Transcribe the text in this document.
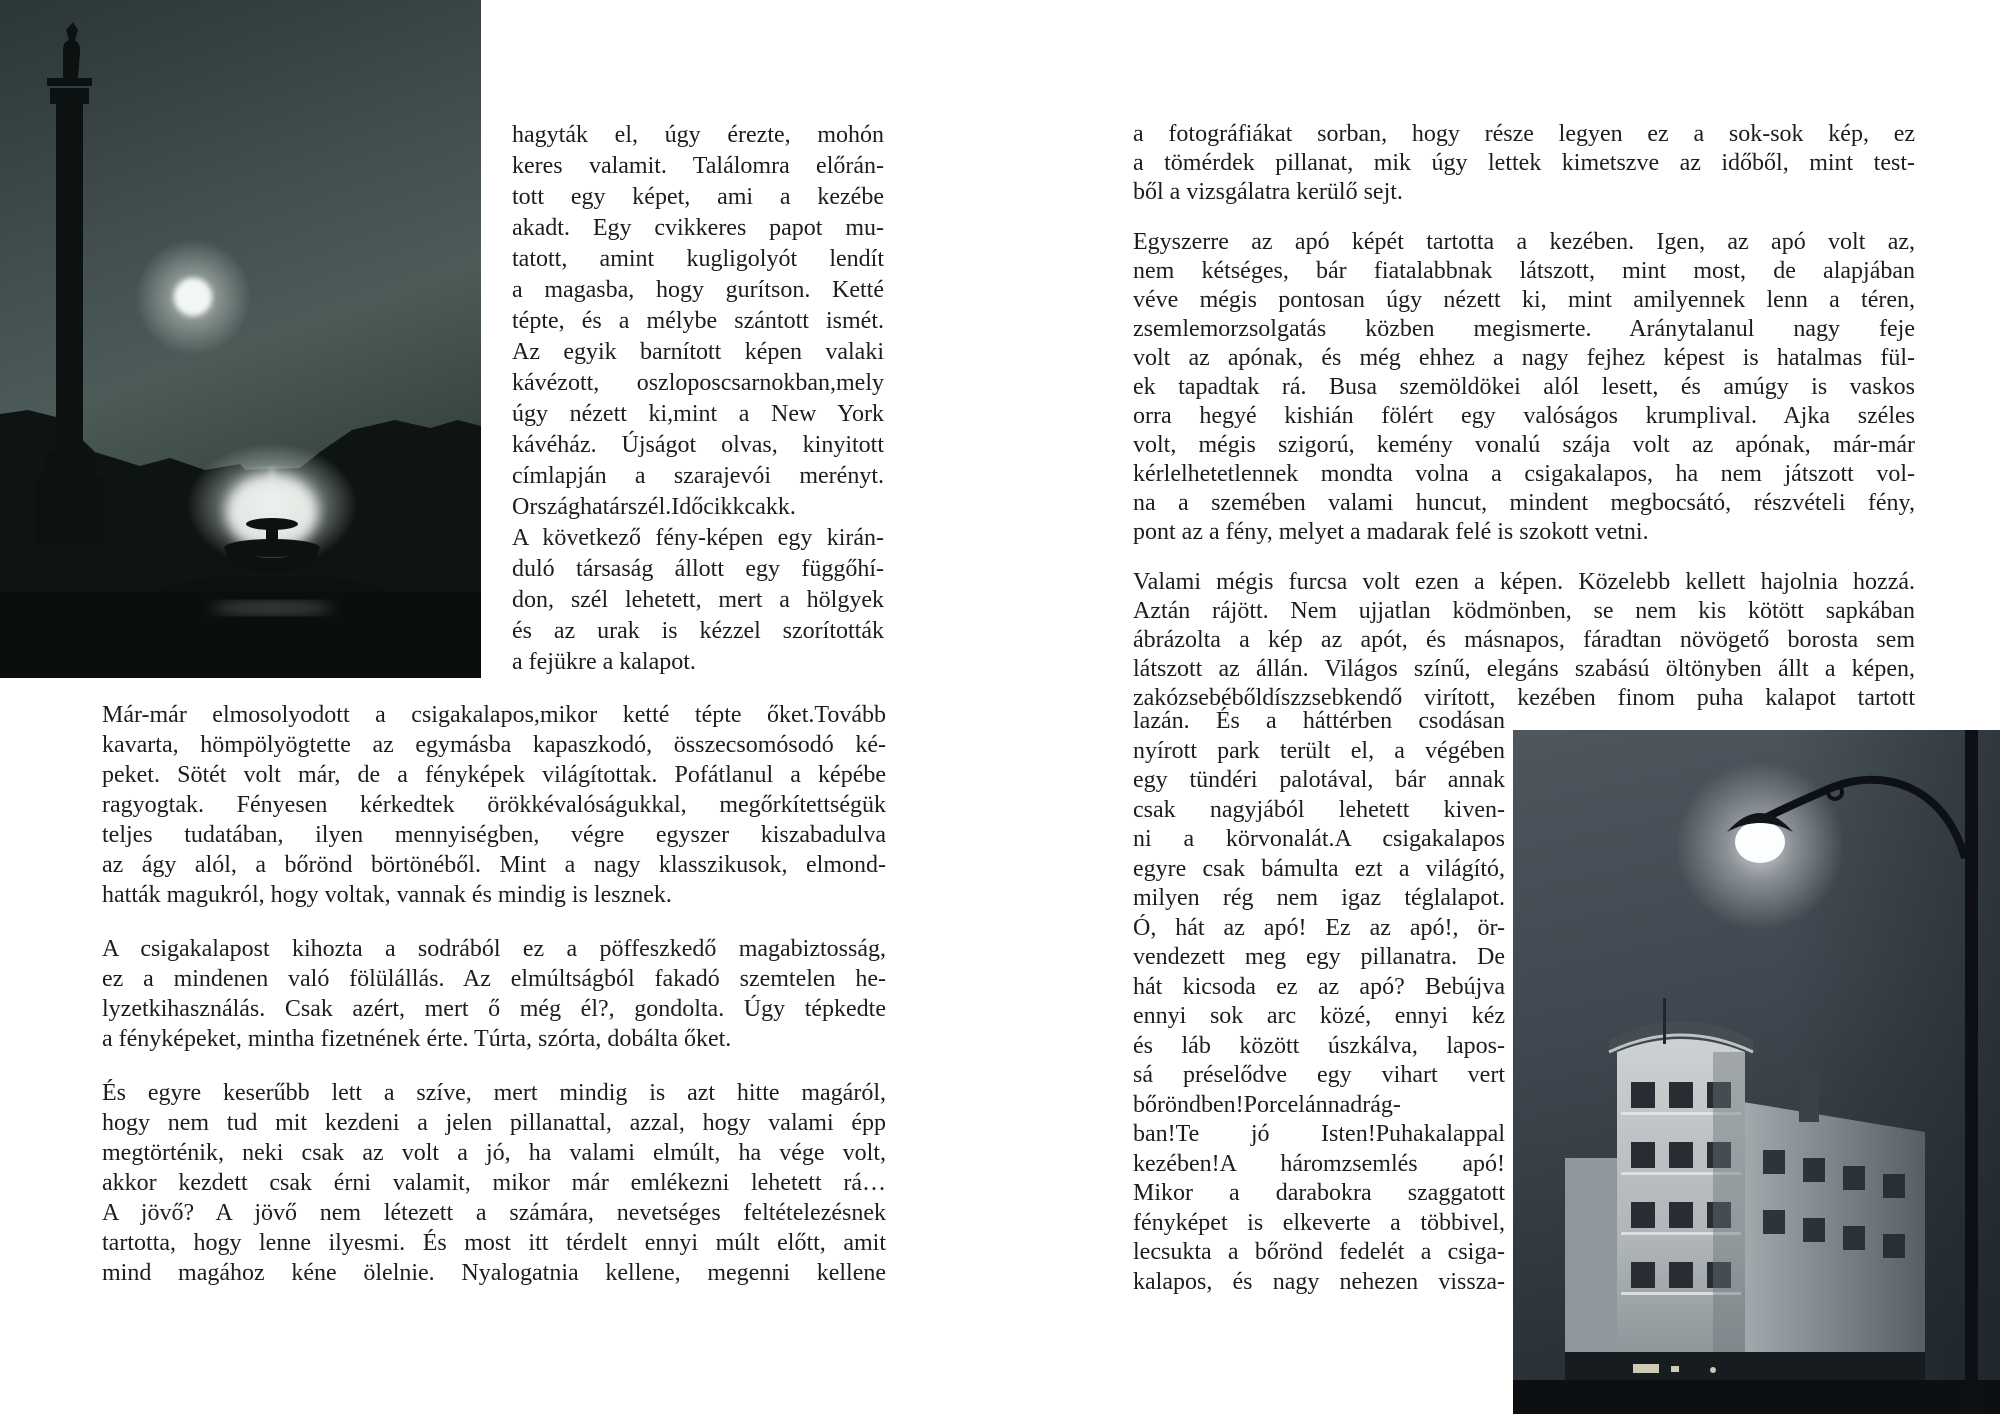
hagyták el, úgy érezte, mohón
keres valamit. Találomra előrán-
tott egy képet, ami a kezébe
akadt. Egy cvikkeres papot mu-
tatott, amint kugligolyót lendít
a magasba, hogy gurítson. Ketté
tépte, és a mélybe szántott ismét.
Az egyik barnított képen valaki
kávézott, oszloposcsarnokban,mely
úgy nézett ki,mint a New York
kávéház. Újságot olvas, kinyitott
címlapján a szarajevói merényt.
Országhatárszél.Időcikkcakk.
A következő fény-képen egy kirán-
duló társaság állott egy függőhí-
don, szél lehetett, mert a hölgyek
és az urak is kézzel szorították
a fejükre a kalapot.
Már-már elmosolyodott a csigakalapos,mikor ketté tépte őket.Tovább
kavarta, hömpölyögtette az egymásba kapaszkodó, összecsomósodó ké-
peket. Sötét volt már, de a fényképek világítottak. Pofátlanul a képébe
ragyogtak. Fényesen kérkedtek örökkévalóságukkal, megőrkítettségük
teljes tudatában, ilyen mennyiségben, végre egyszer kiszabadulva
az ágy alól, a bőrönd börtönéből. Mint a nagy klasszikusok, elmond-
hatták magukról, hogy voltak, vannak és mindig is lesznek.
A csigakalapost kihozta a sodrából ez a pöffeszkedő magabiztosság,
ez a mindenen való fölülállás. Az elmúltságból fakadó szemtelen he-
lyzetkihasználás. Csak azért, mert ő még él?, gondolta. Úgy tépkedte
a fényképeket, mintha fizetnének érte. Túrta, szórta, dobálta őket.
És egyre keserűbb lett a szíve, mert mindig is azt hitte magáról,
hogy nem tud mit kezdeni a jelen pillanattal, azzal, hogy valami épp
megtörténik, neki csak az volt a jó, ha valami elmúlt, ha vége volt,
akkor kezdett csak érni valamit, mikor már emlékezni lehetett rá…
A jövő? A jövő nem létezett a számára, nevetséges feltételezésnek
tartotta, hogy lenne ilyesmi. És most itt térdelt ennyi múlt előtt, amit
mind magához kéne ölelnie. Nyalogatnia kellene, megenni kellene
a fotográfiákat sorban, hogy része legyen ez a sok-sok kép, ez
a tömérdek pillanat, mik úgy lettek kimetszve az időből, mint test-
ből a vizsgálatra kerülő sejt.
Egyszerre az apó képét tartotta a kezében. Igen, az apó volt az,
nem kétséges, bár fiatalabbnak látszott, mint most, de alapjában
véve mégis pontosan úgy nézett ki, mint amilyennek lenn a téren,
zsemlemorzsolgatás közben megismerte. Aránytalanul nagy feje
volt az apónak, és még ehhez a nagy fejhez képest is hatalmas fül-
ek tapadtak rá. Busa szemöldökei alól lesett, és amúgy is vaskos
orra hegyé kishián fölért egy valóságos krumplival. Ajka széles
volt, mégis szigorú, kemény vonalú szája volt az apónak, már-már
kérlelhetetlennek mondta volna a csigakalapos, ha nem játszott vol-
na a szemében valami huncut, mindent megbocsátó, részvételi fény,
pont az a fény, melyet a madarak felé is szokott vetni.
Valami mégis furcsa volt ezen a képen. Közelebb kellett hajolnia hozzá.
Aztán rájött. Nem ujjatlan ködmönben, se nem kis kötött sapkában
ábrázolta a kép az apót, és másnapos, fáradtan növögető borosta sem
látszott az állán. Világos színű, elegáns szabású öltönyben állt a képen,
zakózsebébőldíszzsebkendő virított, kezében finom puha kalapot tartott
lazán. És a háttérben csodásan
nyírott park terült el, a végében
egy tündéri palotával, bár annak
csak nagyjából lehetett kiven-
ni a körvonalát.A csigakalapos
egyre csak bámulta ezt a világító,
milyen rég nem igaz téglalapot.
Ó, hát az apó! Ez az apó!, ör-
vendezett meg egy pillanatra. De
hát kicsoda ez az apó? Bebújva
ennyi sok arc közé, ennyi kéz
és láb között úszkálva, lapos-
sá préselődve egy vihart vert
bőröndben!Porcelánnadrág-
ban!Te jó Isten!Puhakalappal
kezében!A háromzsemlés apó!
Mikor a darabokra szaggatott
fényképet is elkeverte a többivel,
lecsukta a bőrönd fedelét a csiga-
kalapos, és nagy nehezen vissza-
